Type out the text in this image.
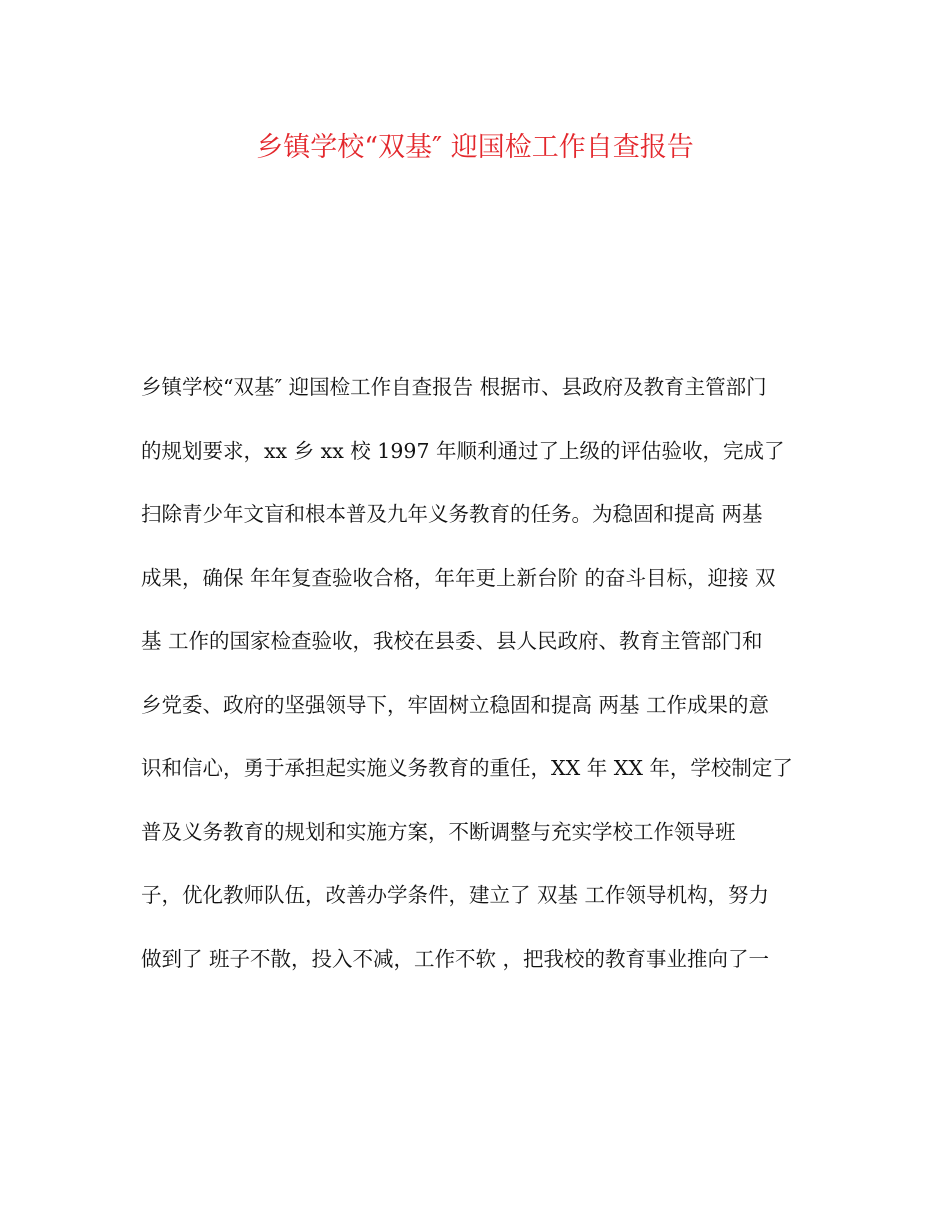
乡镇学校“双基″ 迎国检工作自查报告
乡镇学校“双基″ 迎国检工作自查报告 根据市、县政府及教育主管部门
的规划要求，xx 乡 xx 校 1997 年顺利通过了上级的评估验收，完成了
扫除青少年文盲和根本普及九年义务教育的任务。为稳固和提高 两基
成果，确保 年年复查验收合格，年年更上新台阶 的奋斗目标，迎接 双
基 工作的国家检查验收，我校在县委、县人民政府、教育主管部门和
乡党委、政府的坚强领导下，牢固树立稳固和提高 两基 工作成果的意
识和信心，勇于承担起实施义务教育的重任，XX 年 XX 年，学校制定了
普及义务教育的规划和实施方案，不断调整与充实学校工作领导班
子，优化教师队伍，改善办学条件，建立了 双基 工作领导机构，努力
做到了 班子不散，投入不减，工作不软 ，把我校的教育事业推向了一
